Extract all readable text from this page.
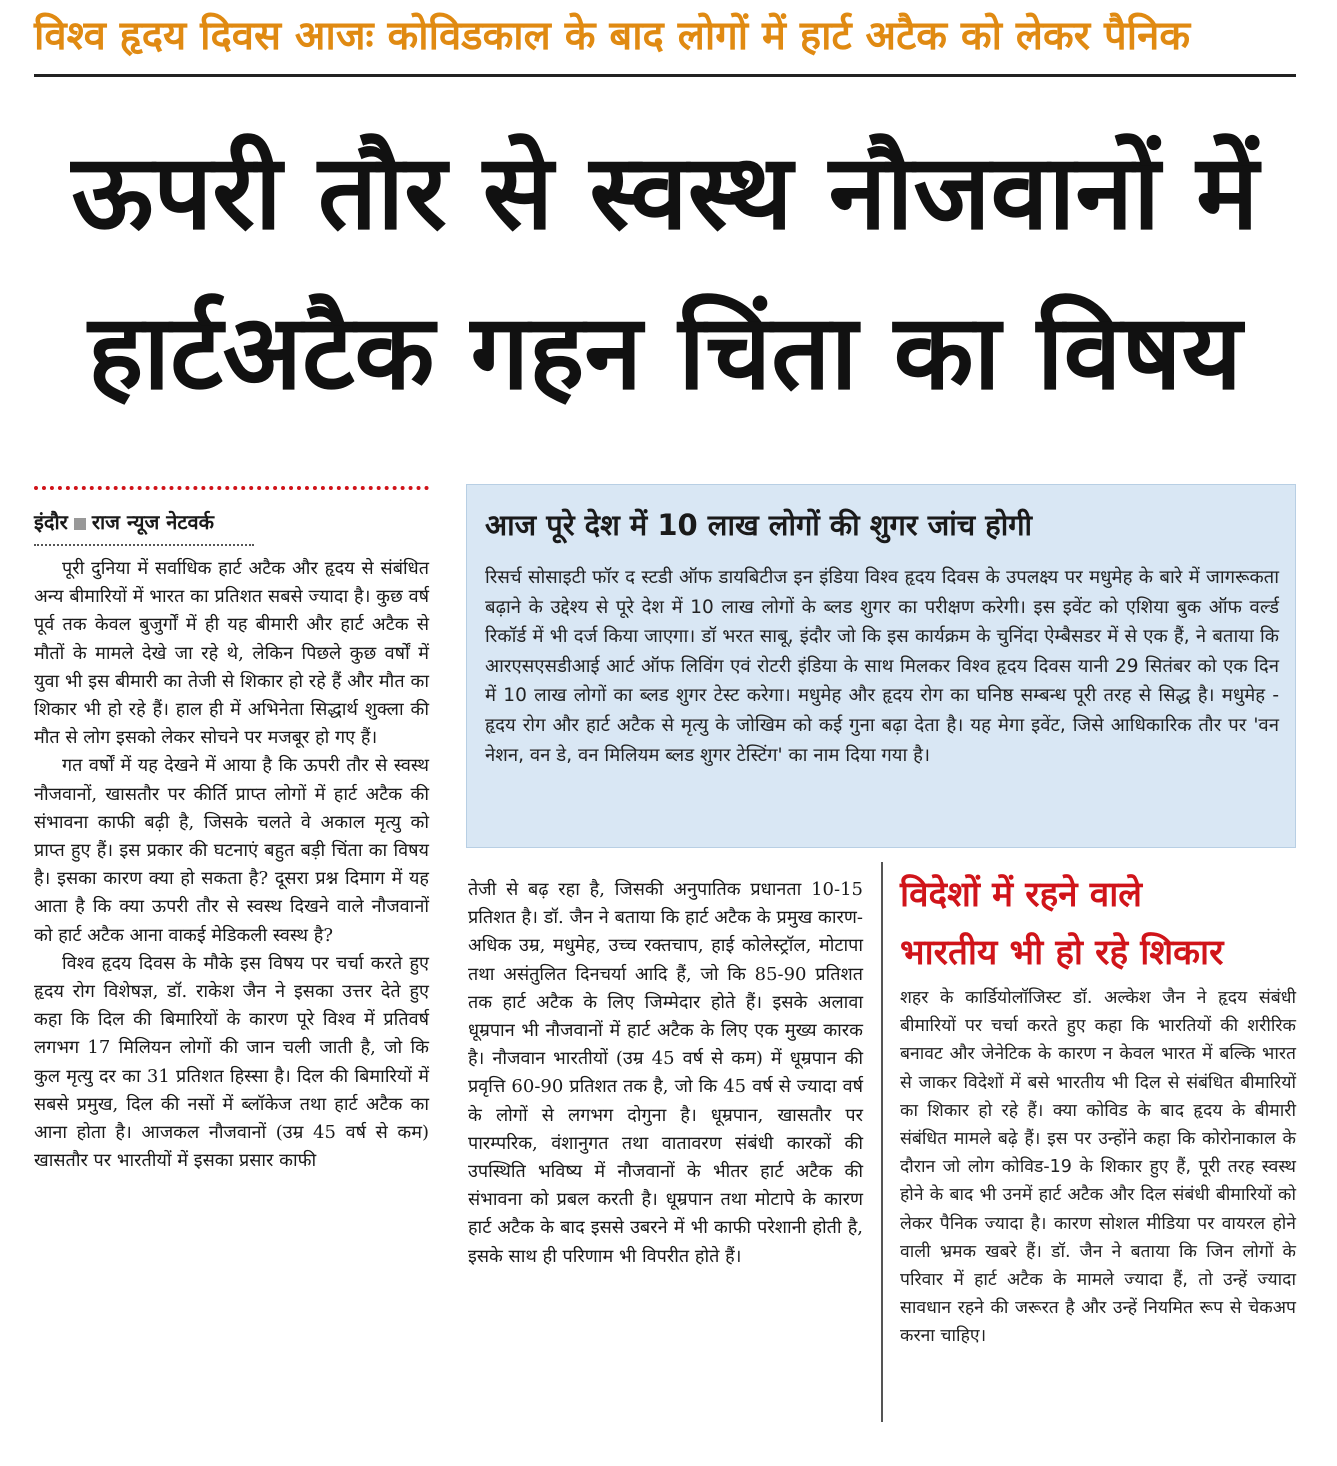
विश्व हृदय दिवस आजः कोविडकाल के बाद लोगों में हार्ट अटैक को लेकर पैनिक
ऊपरी तौर से स्वस्थ नौजवानों में
हार्टअटैक गहन चिंता का विषय
इंदौर राज न्यूज नेटवर्क

पूरी दुनिया में सर्वाधिक हार्ट अटैक और हृदय से संबंधित अन्य बीमारियों में भारत का प्रतिशत सबसे ज्यादा है। कुछ वर्ष पूर्व तक केवल बुजुर्गों में ही यह बीमारी और हार्ट अटैक से मौतों के मामले देखे जा रहे थे, लेकिन पिछले कुछ वर्षों में युवा भी इस बीमारी का तेजी से शिकार हो रहे हैं और मौत का शिकार भी हो रहे हैं। हाल ही में अभिनेता सिद्धार्थ शुक्ला की मौत से लोग इसको लेकर सोचने पर मजबूर हो गए हैं।

गत वर्षों में यह देखने में आया है कि ऊपरी तौर से स्वस्थ नौजवानों, खासतौर पर कीर्ति प्राप्त लोगों में हार्ट अटैक की संभावना काफी बढ़ी है, जिसके चलते वे अकाल मृत्यु को प्राप्त हुए हैं। इस प्रकार की घटनाएं बहुत बड़ी चिंता का विषय है। इसका कारण क्या हो सकता है? दूसरा प्रश्न दिमाग में यह आता है कि क्या ऊपरी तौर से स्वस्थ दिखने वाले नौजवानों को हार्ट अटैक आना वाकई मेडिकली स्वस्थ है?

विश्व हृदय दिवस के मौके इस विषय पर चर्चा करते हुए हृदय रोग विशेषज्ञ, डॉ. राकेश जैन ने इसका उत्तर देते हुए कहा कि दिल की बिमारियों के कारण पूरे विश्व में प्रतिवर्ष लगभग 17 मिलियन लोगों की जान चली जाती है, जो कि कुल मृत्यु दर का 31 प्रतिशत हिस्सा है। दिल की बिमारियों में सबसे प्रमुख, दिल की नसों में ब्लॉकेज तथा हार्ट अटैक का आना होता है। आजकल नौजवानों (उम्र 45 वर्ष से कम) खासतौर पर भारतीयों में इसका प्रसार काफी

आज पूरे देश में 10 लाख लोगों की शुगर जांच होगी
रिसर्च सोसाइटी फॉर द स्टडी ऑफ डायबिटीज इन इंडिया विश्व हृदय दिवस के उपलक्ष्य पर मधुमेह के बारे में जागरूकता बढ़ाने के उद्देश्य से पूरे देश में 10 लाख लोगों के ब्लड शुगर का परीक्षण करेगी। इस इवेंट को एशिया बुक ऑफ वर्ल्ड रिकॉर्ड में भी दर्ज किया जाएगा। डॉ भरत साबू, इंदौर जो कि इस कार्यक्रम के चुनिंदा ऐम्बैसडर में से एक हैं, ने बताया कि आरएसएसडीआई आर्ट ऑफ लिविंग एवं रोटरी इंडिया के साथ मिलकर विश्व हृदय दिवस यानी 29 सितंबर को एक दिन में 10 लाख लोगों का ब्लड शुगर टेस्ट करेगा। मधुमेह और हृदय रोग का घनिष्ठ सम्बन्ध पूरी तरह से सिद्ध है। मधुमेह - हृदय रोग और हार्ट अटैक से मृत्यु के जोखिम को कई गुना बढ़ा देता है। यह मेगा इवेंट, जिसे आधिकारिक तौर पर 'वन नेशन, वन डे, वन मिलियम ब्लड शुगर टेस्टिंग' का नाम दिया गया है।
तेजी से बढ़ रहा है, जिसकी अनुपातिक प्रधानता 10-15 प्रतिशत है। डॉ. जैन ने बताया कि हार्ट अटैक के प्रमुख कारण- अधिक उम्र, मधुमेह, उच्च रक्तचाप, हाई कोलेस्ट्रॉल, मोटापा तथा असंतुलित दिनचर्या आदि हैं, जो कि 85-90 प्रतिशत तक हार्ट अटैक के लिए जिम्मेदार होते हैं। इसके अलावा धूम्रपान भी नौजवानों में हार्ट अटैक के लिए एक मुख्य कारक है। नौजवान भारतीयों (उम्र 45 वर्ष से कम) में धूम्रपान की प्रवृत्ति 60-90 प्रतिशत तक है, जो कि 45 वर्ष से ज्यादा वर्ष के लोगों से लगभग दोगुना है। धूम्रपान, खासतौर पर पारम्परिक, वंशानुगत तथा वातावरण संबंधी कारकों की उपस्थिति भविष्य में नौजवानों के भीतर हार्ट अटैक की संभावना को प्रबल करती है। धूम्रपान तथा मोटापे के कारण हार्ट अटैक के बाद इससे उबरने में भी काफी परेशानी होती है, इसके साथ ही परिणाम भी विपरीत होते हैं।
विदेशों में रहने वाले
भारतीय भी हो रहे शिकार
शहर के कार्डियोलॉजिस्ट डॉ. अल्केश जैन ने हृदय संबंधी बीमारियों पर चर्चा करते हुए कहा कि भारतियों की शरीरिक बनावट और जेनेटिक के कारण न केवल भारत में बल्कि भारत से जाकर विदेशों में बसे भारतीय भी दिल से संबंधित बीमारियों का शिकार हो रहे हैं। क्या कोविड के बाद हृदय के बीमारी संबंधित मामले बढ़े हैं। इस पर उन्होंने कहा कि कोरोनाकाल के दौरान जो लोग कोविड-19 के शिकार हुए हैं, पूरी तरह स्वस्थ होने के बाद भी उनमें हार्ट अटैक और दिल संबंधी बीमारियों को लेकर पैनिक ज्यादा है। कारण सोशल मीडिया पर वायरल होने वाली भ्रमक खबरे हैं। डॉ. जैन ने बताया कि जिन लोगों के परिवार में हार्ट अटैक के मामले ज्यादा हैं, तो उन्हें ज्यादा सावधान रहने की जरूरत है और उन्हें नियमित रूप से चेकअप करना चाहिए।
